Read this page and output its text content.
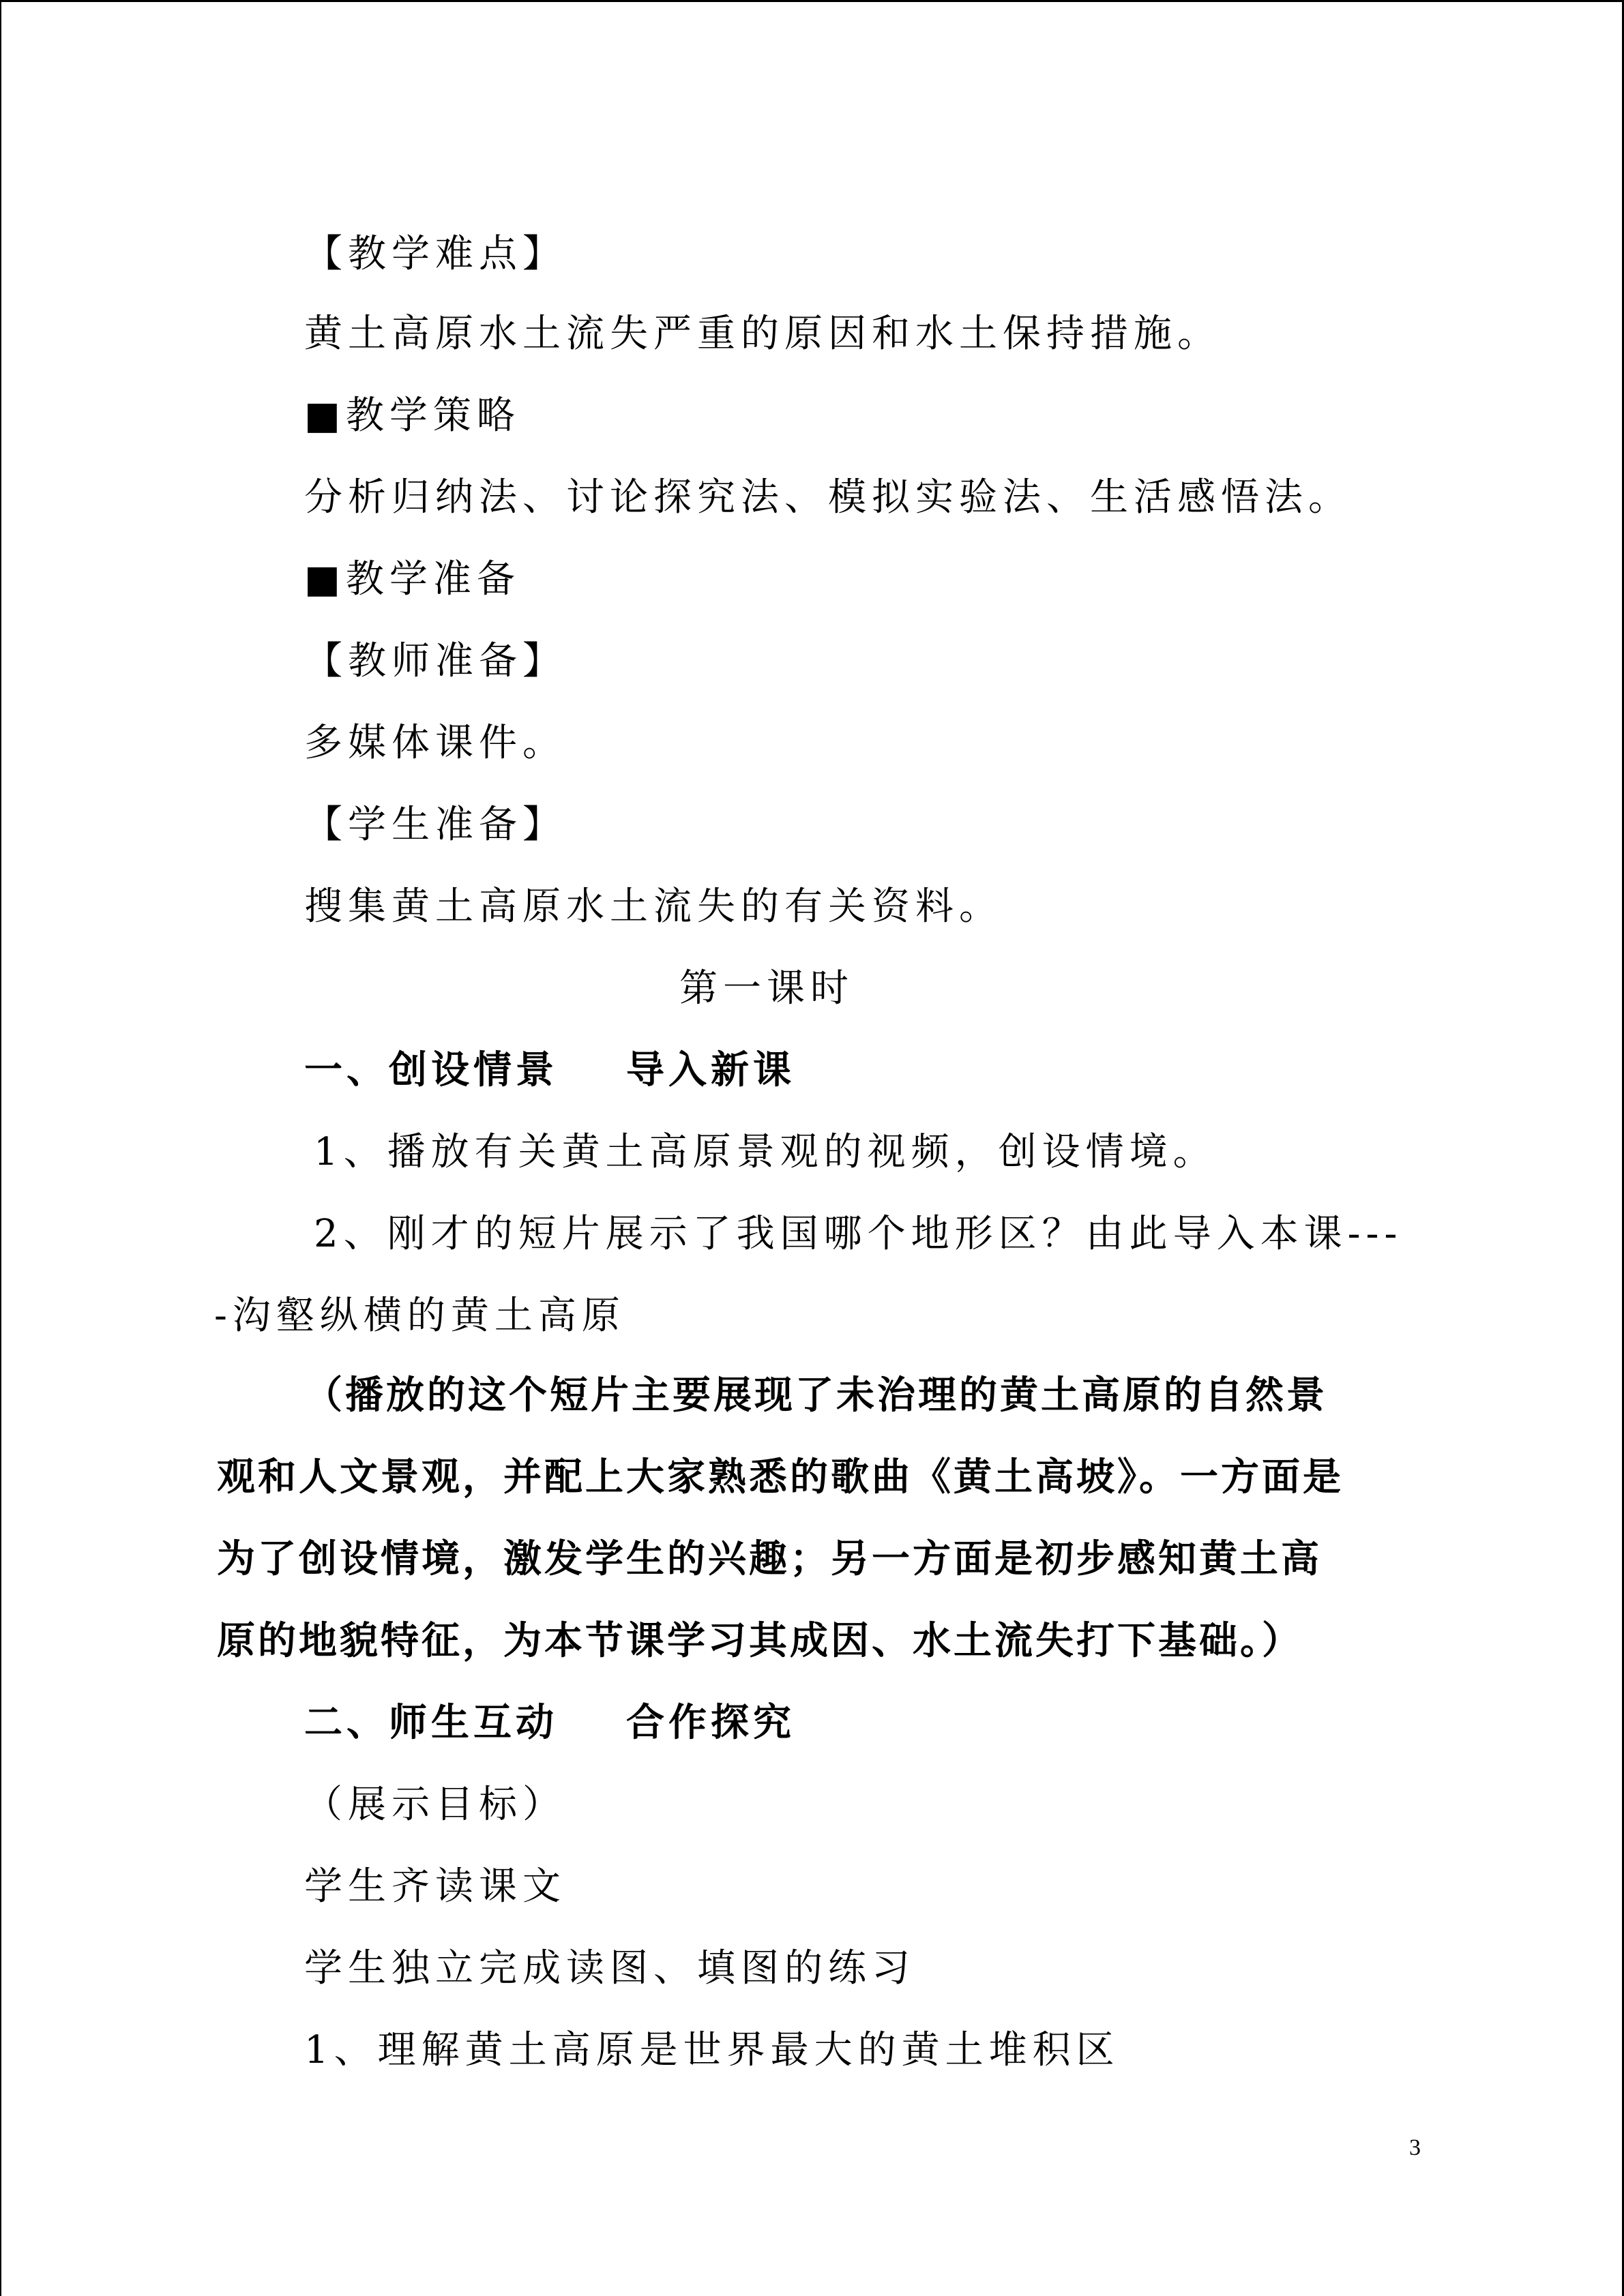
【教学难点】
黄土高原水土流失严重的原因和水土保持措施。
■教学策略
分析归纳法、讨论探究法、模拟实验法、生活感悟法。
■教学准备
【教师准备】
多媒体课件。
【学生准备】
搜集黄土高原水土流失的有关资料。
第一课时
一、创设情景 导入新课
1、播放有关黄土高原景观的视频，创设情境。
2、刚才的短片展示了我国哪个地形区？由此导入本课---
-沟壑纵横的黄土高原
（播放的这个短片主要展现了未治理的黄土高原的自然景
观和人文景观，并配上大家熟悉的歌曲《黄土高坡》。一方面是
为了创设情境，激发学生的兴趣；另一方面是初步感知黄土高
原的地貌特征，为本节课学习其成因、水土流失打下基础。）
二、师生互动 合作探究
（展示目标）
学生齐读课文
学生独立完成读图、填图的练习
1、理解黄土高原是世界最大的黄土堆积区
3
